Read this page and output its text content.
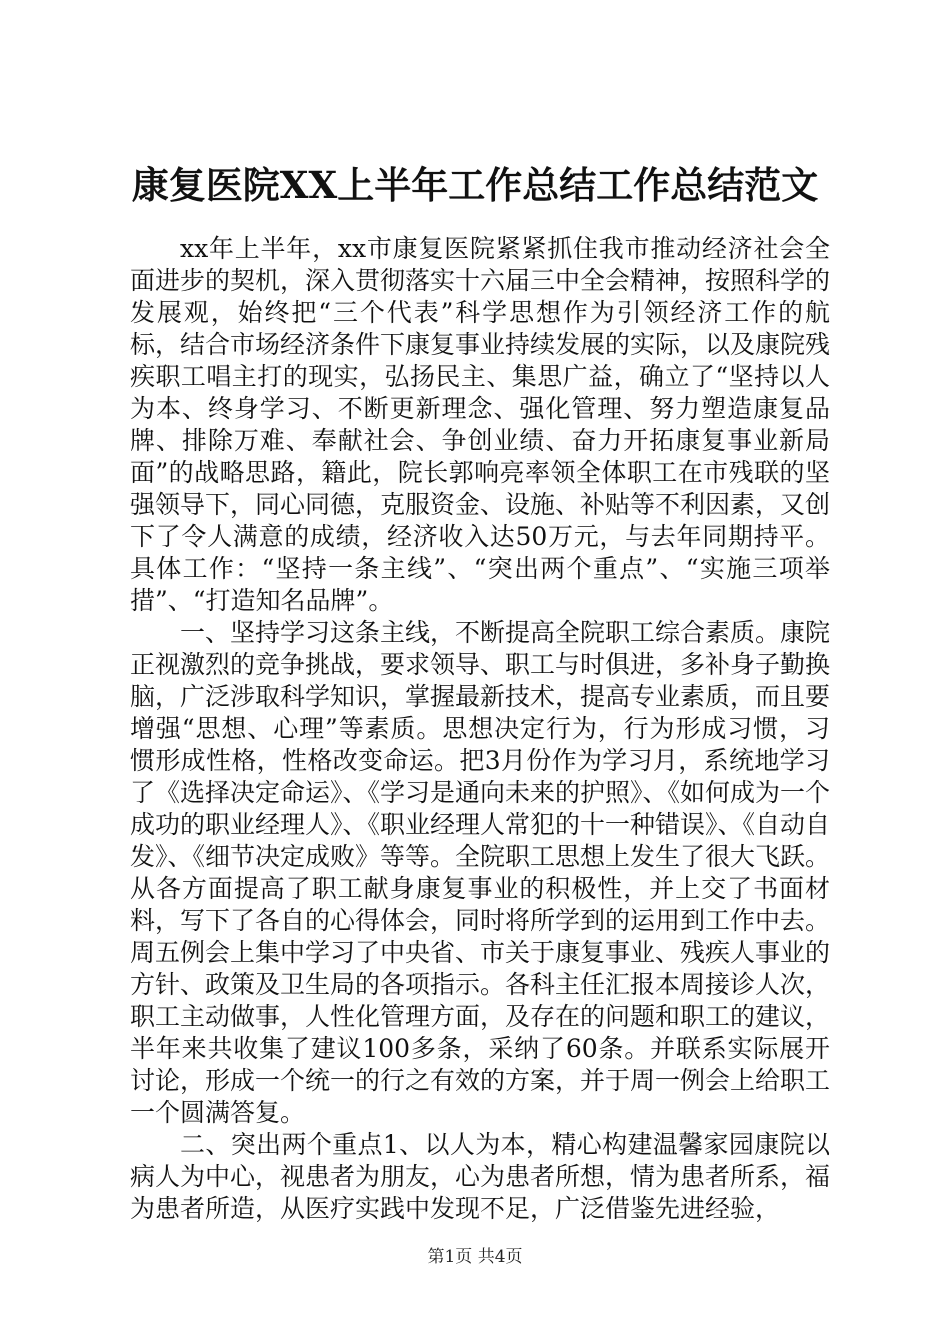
康复医院XX上半年工作总结工作总结范文

xx年上半年，xx市康复医院紧紧抓住我市推动经济社会全面进步的契机，深入贯彻落实十六届三中全会精神，按照科学的发展观，始终把“三个代表”科学思想作为引领经济工作的航标，结合市场经济条件下康复事业持续发展的实际，以及康院残疾职工唱主打的现实，弘扬民主、集思广益，确立了“坚持以人为本、终身学习、不断更新理念、强化管理、努力塑造康复品牌、排除万难、奉献社会、争创业绩、奋力开拓康复事业新局面”的战略思路，籍此，院长郭响亮率领全体职工在市残联的坚强领导下，同心同德，克服资金、设施、补贴等不利因素，又创下了令人满意的成绩，经济收入达50万元，与去年同期持平。具体工作：“坚持一条主线”、“突出两个重点”、“实施三项举措”、“打造知名品牌”。

一、坚持学习这条主线，不断提高全院职工综合素质。康院正视激烈的竞争挑战，要求领导、职工与时俱进，多补身子勤换脑，广泛涉取科学知识，掌握最新技术，提高专业素质，而且要增强“思想、心理”等素质。思想决定行为，行为形成习惯，习惯形成性格，性格改变命运。把3月份作为学习月，系统地学习了《选择决定命运》、《学习是通向未来的护照》、《如何成为一个成功的职业经理人》、《职业经理人常犯的十一种错误》、《自动自发》、《细节决定成败》等等。全院职工思想上发生了很大飞跃。从各方面提高了职工献身康复事业的积极性，并上交了书面材料，写下了各自的心得体会，同时将所学到的运用到工作中去。周五例会上集中学习了中央省、市关于康复事业、残疾人事业的方针、政策及卫生局的各项指示。各科主任汇报本周接诊人次，职工主动做事，人性化管理方面，及存在的问题和职工的建议，半年来共收集了建议100多条，采纳了60条。并联系实际展开讨论，形成一个统一的行之有效的方案，并于周一例会上给职工一个圆满答复。

二、突出两个重点1、以人为本，精心构建温馨家园康院以病人为中心，视患者为朋友，心为患者所想，情为患者所系，福为患者所造，从医疗实践中发现不足，广泛借鉴先进经验，

第1页 共4页
